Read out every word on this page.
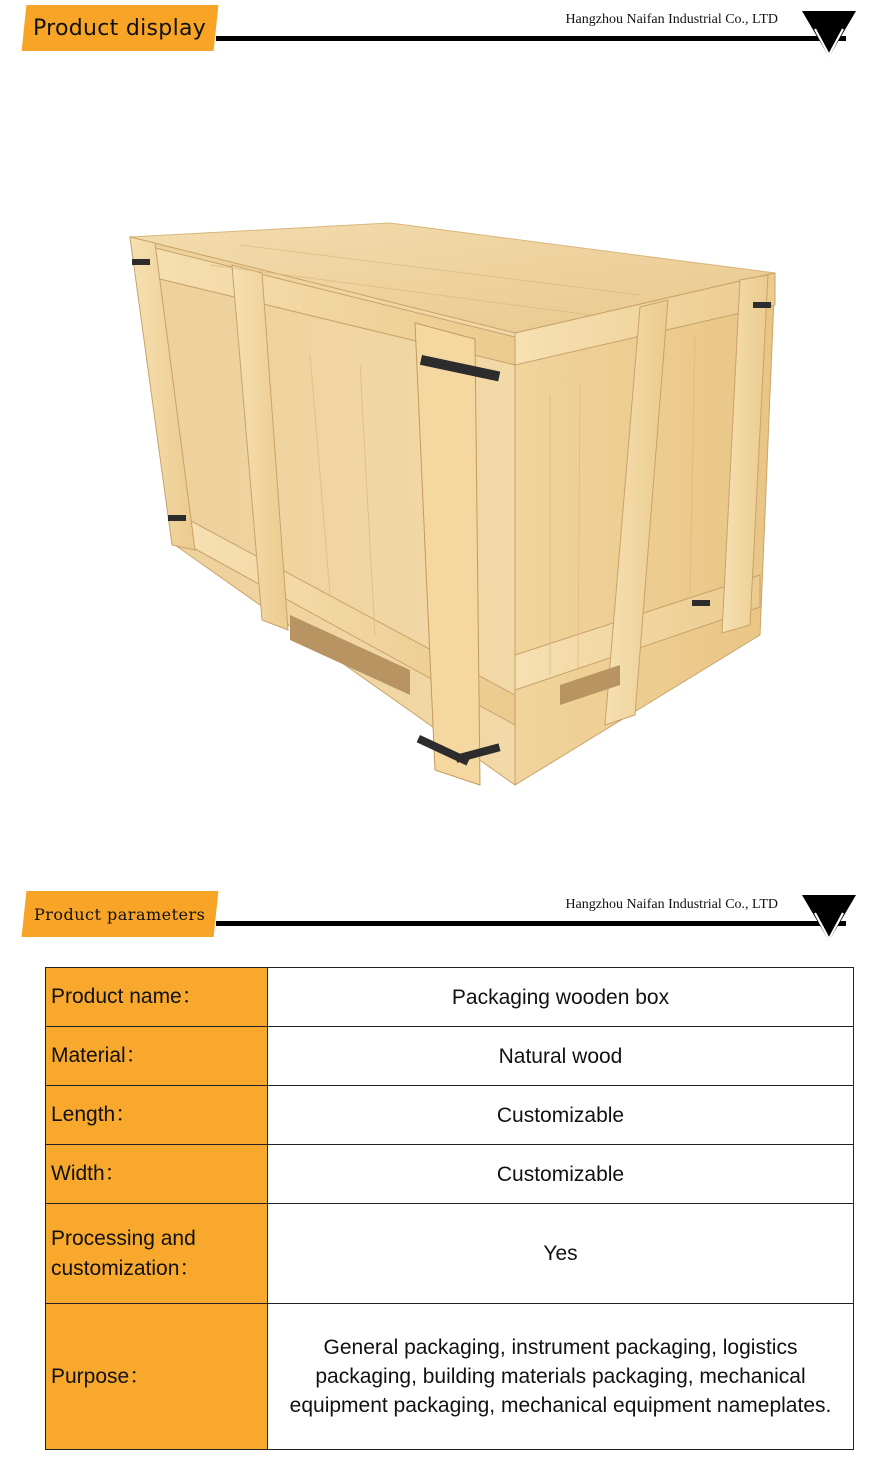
Product display	Hangzhou Naifan Industrial Co., LTD
Product parameters	Hangzhou Naifan Industrial Co., LTD
Product name：	Packaging wooden box
Material：	Natural wood
Length：	Customizable
Width：	Customizable
Processing and customization：	Yes
Purpose：	General packaging, instrument packaging, logistics packaging, building materials packaging, mechanical equipment packaging, mechanical equipment nameplates.
